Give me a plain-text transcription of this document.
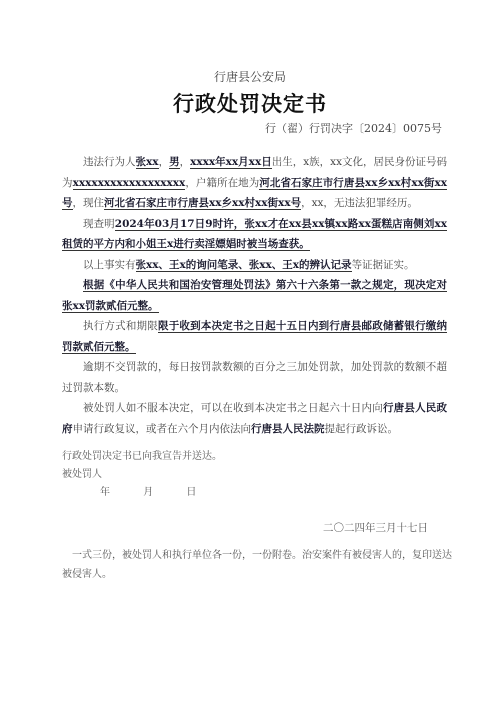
行唐县公安局
行政处罚决定书
行（翟）行罚决字〔2024〕0075号

违法行为人张xx，男，xxxx年xx月xx日出生，x族，xx文化，居民身份证号码为xxxxxxxxxxxxxxxxxx，户籍所在地为河北省石家庄市行唐县xx乡xx村xx街xx号，现住河北省石家庄市行唐县xx乡xx村xx街xx号，xx，无违法犯罪经历。

现查明2024年03月17日9时许，张xx才在xx县xx镇xx路xx蛋糕店南侧刘xx租赁的平方内和小姐王x进行卖淫嫖娼时被当场查获。

以上事实有张xx、王x的询问笔录、张xx、王x的辨认记录等证据证实。

根据《中华人民共和国治安管理处罚法》第六十六条第一款之规定，现决定对张xx罚款贰佰元整。

执行方式和期限限于收到本决定书之日起十五日内到行唐县邮政储蓄银行缴纳罚款贰佰元整。

逾期不交罚款的，每日按罚款数额的百分之三加处罚款，加处罚款的数额不超过罚款本数。

被处罚人如不服本决定，可以在收到本决定书之日起六十日内向行唐县人民政府申请行政复议，或者在六个月内依法向行唐县人民法院提起行政诉讼。

行政处罚决定书已向我宣告并送达。
被处罚人
年	月	日
二〇二四年三月十七日

一式三份，被处罚人和执行单位各一份，一份附卷。治安案件有被侵害人的，复印送达被侵害人。
